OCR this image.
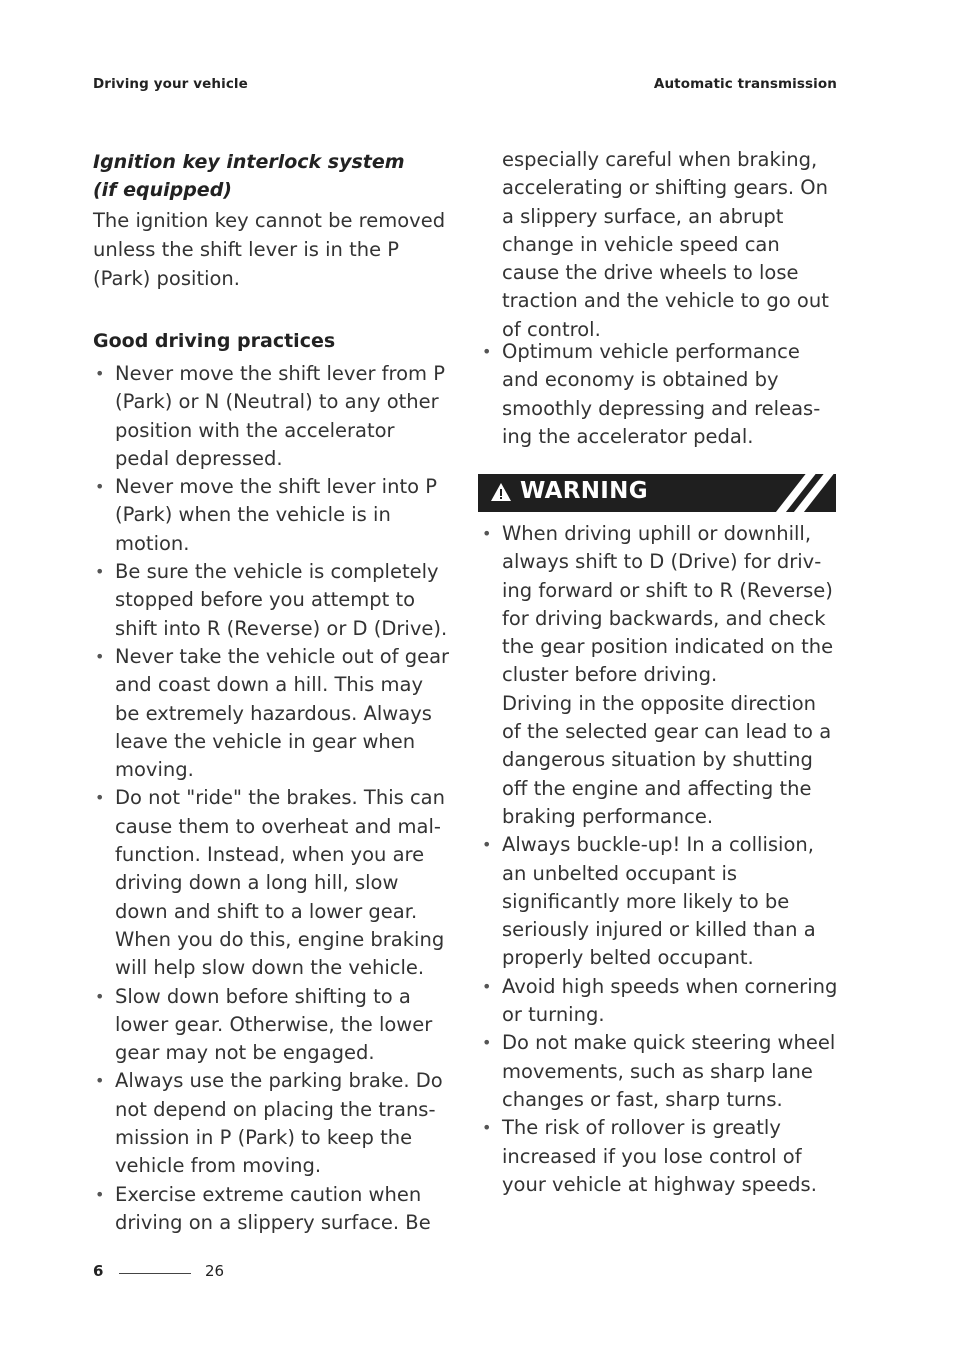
Driving your vehicle	Automatic transmission
Ignition key interlock system (if equipped)
The ignition key cannot be removed unless the shift lever is in the P (Park) position.
Good driving practices
• Never move the shift lever from P (Park) or N (Neutral) to any other position with the accelerator pedal depressed.
• Never move the shift lever into P (Park) when the vehicle is in motion.
• Be sure the vehicle is completely stopped before you attempt to shift into R (Reverse) or D (Drive).
• Never take the vehicle out of gear and coast down a hill. This may be extremely hazardous. Always leave the vehicle in gear when moving.
• Do not "ride" the brakes. This can cause them to overheat and malfunction. Instead, when you are driving down a long hill, slow down and shift to a lower gear. When you do this, engine braking will help slow down the vehicle.
• Slow down before shifting to a lower gear. Otherwise, the lower gear may not be engaged.
• Always use the parking brake. Do not depend on placing the transmission in P (Park) to keep the vehicle from moving.
• Exercise extreme caution when driving on a slippery surface. Be
especially careful when braking, accelerating or shifting gears. On a slippery surface, an abrupt change in vehicle speed can cause the drive wheels to lose traction and the vehicle to go out of control.
• Optimum vehicle performance and economy is obtained by smoothly depressing and releasing the accelerator pedal.
WARNING
• When driving uphill or downhill, always shift to D (Drive) for driving forward or shift to R (Reverse) for driving backwards, and check the gear position indicated on the cluster before driving.
Driving in the opposite direction of the selected gear can lead to a dangerous situation by shutting off the engine and affecting the braking performance.
• Always buckle-up! In a collision, an unbelted occupant is significantly more likely to be seriously injured or killed than a properly belted occupant.
• Avoid high speeds when cornering or turning.
• Do not make quick steering wheel movements, such as sharp lane changes or fast, sharp turns.
• The risk of rollover is greatly increased if you lose control of your vehicle at highway speeds.
6	26
